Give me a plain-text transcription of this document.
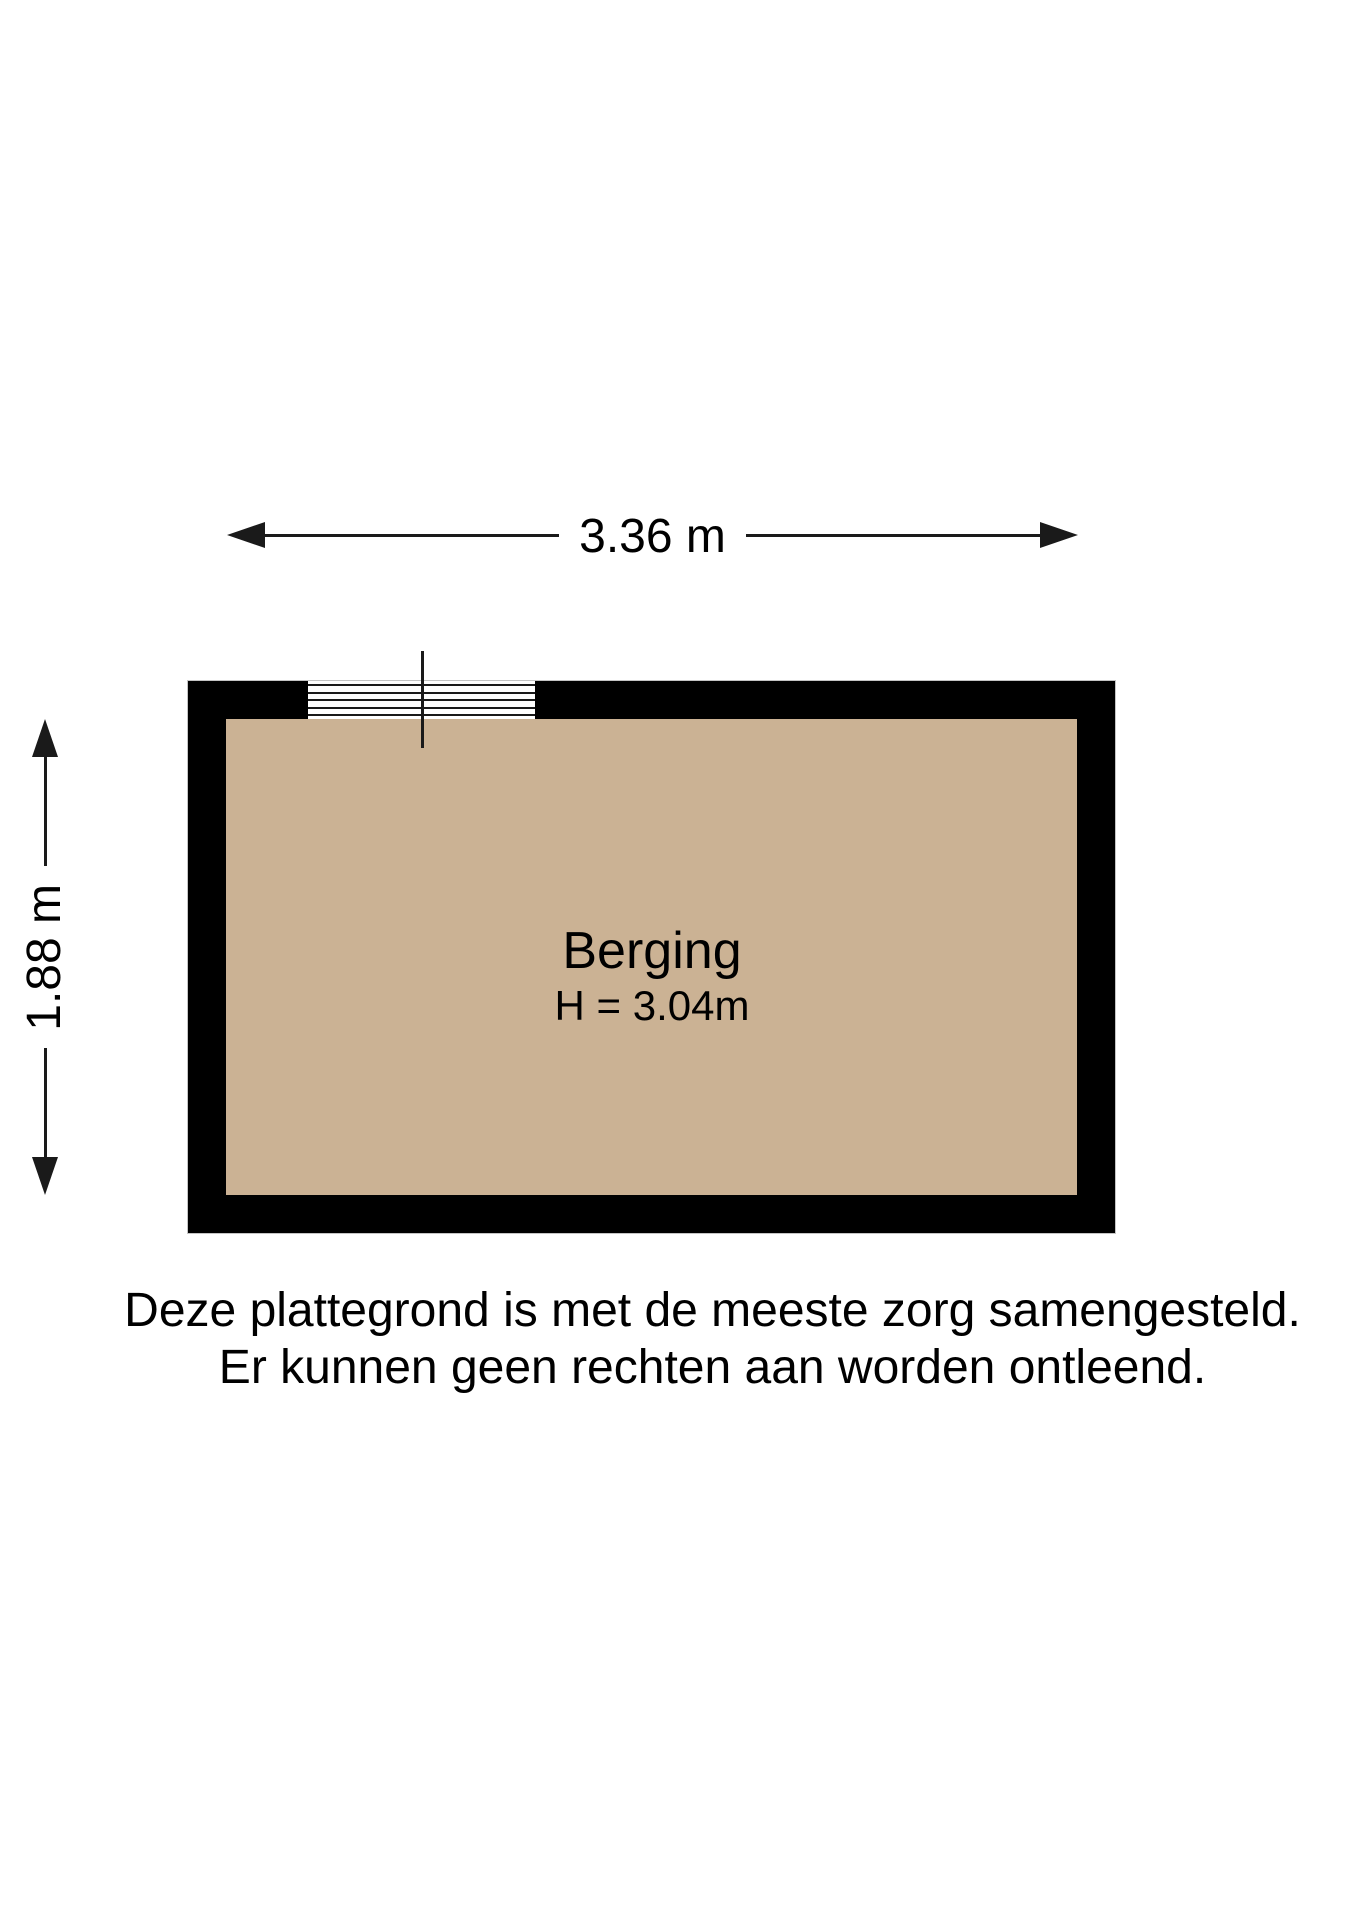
3.36 m
1.88 m	Berging
H = 3.04m
Deze plattegrond is met de meeste zorg samengesteld.
Er kunnen geen rechten aan worden ontleend.
